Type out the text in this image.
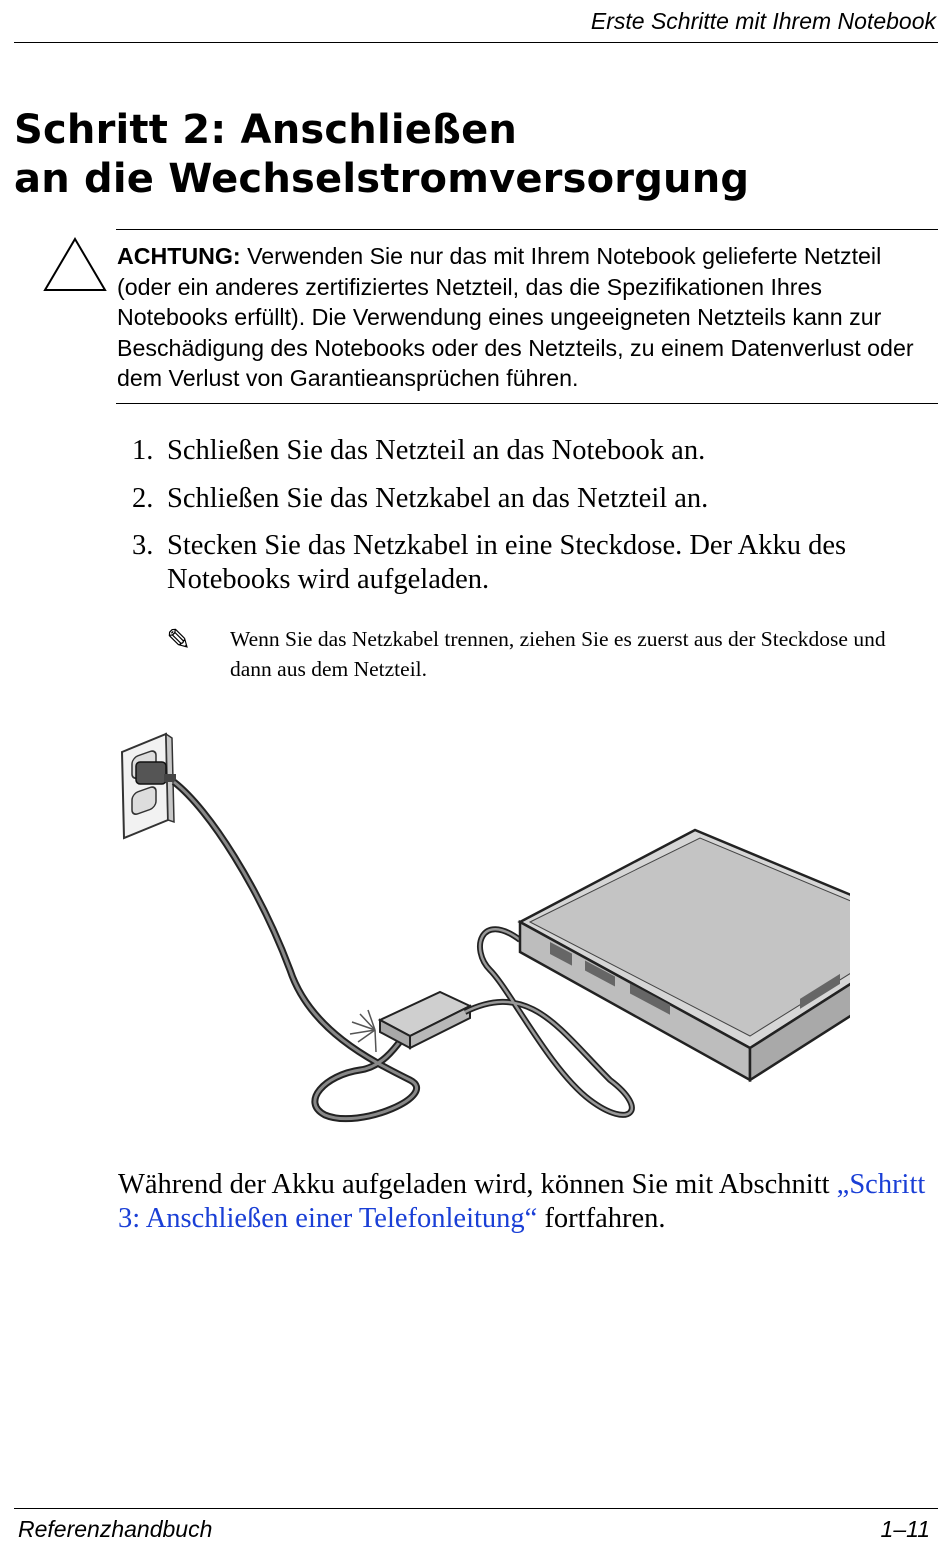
Erste Schritte mit Ihrem Notebook
Schritt 2: Anschließen
an die Wechselstromversorgung
ACHTUNG: Verwenden Sie nur das mit Ihrem Notebook gelieferte Netzteil (oder ein anderes zertifiziertes Netzteil, das die Spezifikationen Ihres Notebooks erfüllt). Die Verwendung eines ungeeigneten Netzteils kann zur Beschädigung des Notebooks oder des Netzteils, zu einem Datenverlust oder dem Verlust von Garantieansprüchen führen.
1. Schließen Sie das Netzteil an das Notebook an.
2. Schließen Sie das Netzkabel an das Netzteil an.
3. Stecken Sie das Netzkabel in eine Steckdose. Der Akku des Notebooks wird aufgeladen.
✎ Wenn Sie das Netzkabel trennen, ziehen Sie es zuerst aus der Steckdose und dann aus dem Netzteil.
Während der Akku aufgeladen wird, können Sie mit Abschnitt „Schritt 3: Anschließen einer Telefonleitung“ fortfahren.
Referenzhandbuch	1–11
